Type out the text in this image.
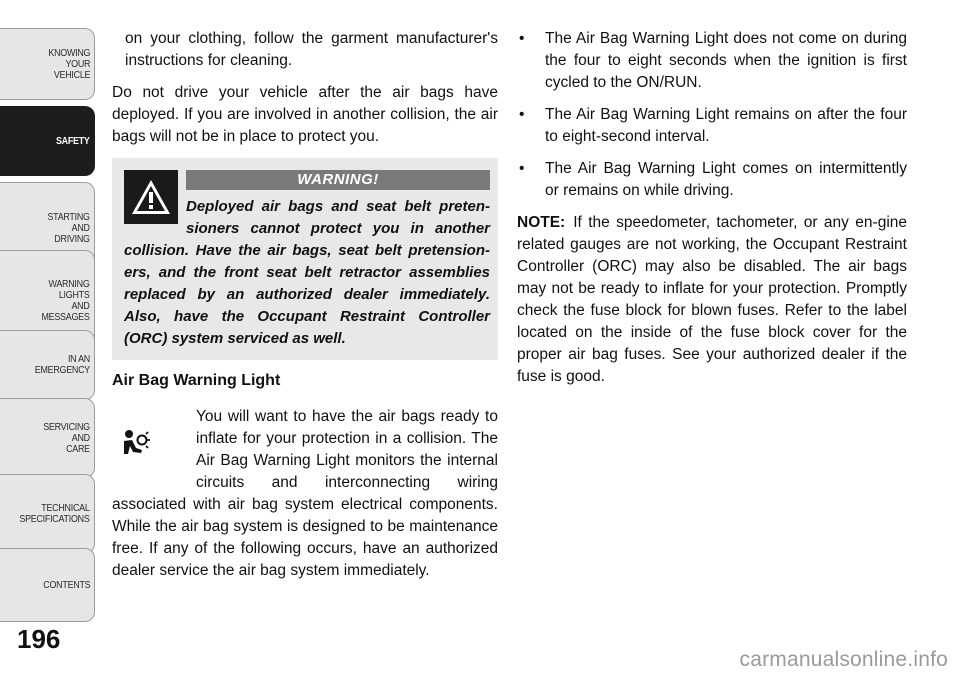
KNOWING
YOUR
VEHICLE
SAFETY
STARTING
AND
DRIVING
WARNING
LIGHTS
AND
MESSAGES
IN AN
EMERGENCY
SERVICING
AND
CARE
TECHNICAL
SPECIFICATIONS
CONTENTS
196

on your clothing, follow the garment manufacturer's instructions for cleaning.

Do not drive your vehicle after the air bags have deployed. If you are involved in another collision, the air bags will not be in place to protect you.

WARNING!
Deployed air bags and seat belt preten-sioners cannot protect you in another collision. Have the air bags, seat belt pretension-ers, and the front seat belt retractor assemblies replaced by an authorized dealer immediately. Also, have the Occupant Restraint Controller (ORC) system serviced as well.
Air Bag Warning Light

You will want to have the air bags ready to inflate for your protection in a collision. The Air Bag Warning Light monitors the internal circuits and interconnecting wiring
associated with air bag system electrical components. While the air bag system is designed to be maintenance free. If any of the following occurs, have an authorized dealer service the air bag system immediately.

• The Air Bag Warning Light does not come on during the four to eight seconds when the ignition is first cycled to the ON/RUN.
• The Air Bag Warning Light remains on after the four to eight-second interval.
• The Air Bag Warning Light comes on intermittently or remains on while driving.

NOTE: If the speedometer, tachometer, or any en-gine related gauges are not working, the Occupant Restraint Controller (ORC) may also be disabled. The air bags may not be ready to inflate for your protection. Promptly check the fuse block for blown fuses. Refer to the label located on the inside of the fuse block cover for the proper air bag fuses. See your authorized dealer if the fuse is good.

carmanualsonline.info
